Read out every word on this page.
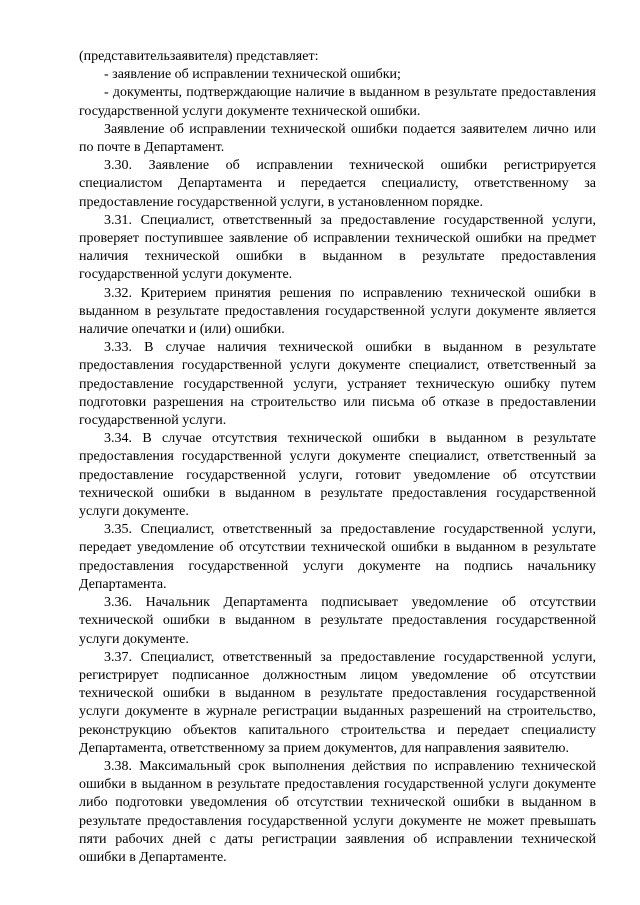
(представительзаявителя) представляет:

- заявление об исправлении технической ошибки;

- документы, подтверждающие наличие в выданном в результате предоставления государственной услуги документе технической ошибки.

Заявление об исправлении технической ошибки подается заявителем лично или по почте в Департамент.

3.30. Заявление об исправлении технической ошибки регистрируется специалистом Департамента и передается специалисту, ответственному за предоставление государственной услуги, в установленном порядке.

3.31. Специалист, ответственный за предоставление государственной услуги, проверяет поступившее заявление об исправлении технической ошибки на предмет наличия технической ошибки в выданном в результате предоставления государственной услуги документе.

3.32. Критерием принятия решения по исправлению технической ошибки в выданном в результате предоставления государственной услуги документе является наличие опечатки и (или) ошибки.

3.33. В случае наличия технической ошибки в выданном в результате предоставления государственной услуги документе специалист, ответственный за предоставление государственной услуги, устраняет техническую ошибку путем подготовки разрешения на строительство или письма об отказе в предоставлении государственной услуги.

3.34. В случае отсутствия технической ошибки в выданном в результате предоставления государственной услуги документе специалист, ответственный за предоставление государственной услуги, готовит уведомление об отсутствии технической ошибки в выданном в результате предоставления государственной услуги документе.

3.35. Специалист, ответственный за предоставление государственной услуги, передает уведомление об отсутствии технической ошибки в выданном в результате предоставления государственной услуги документе на подпись начальнику Департамента.

3.36. Начальник Департамента подписывает уведомление об отсутствии технической ошибки в выданном в результате предоставления государственной услуги документе.

3.37. Специалист, ответственный за предоставление государственной услуги, регистрирует подписанное должностным лицом уведомление об отсутствии технической ошибки в выданном в результате предоставления государственной услуги документе в журнале регистрации выданных разрешений на строительство, реконструкцию объектов капитального строительства и передает специалисту Департамента, ответственному за прием документов, для направления заявителю.

3.38. Максимальный срок выполнения действия по исправлению технической ошибки в выданном в результате предоставления государственной услуги документе либо подготовки уведомления об отсутствии технической ошибки в выданном в результате предоставления государственной услуги документе не может превышать пяти рабочих дней с даты регистрации заявления об исправлении технической ошибки в Департаменте.
